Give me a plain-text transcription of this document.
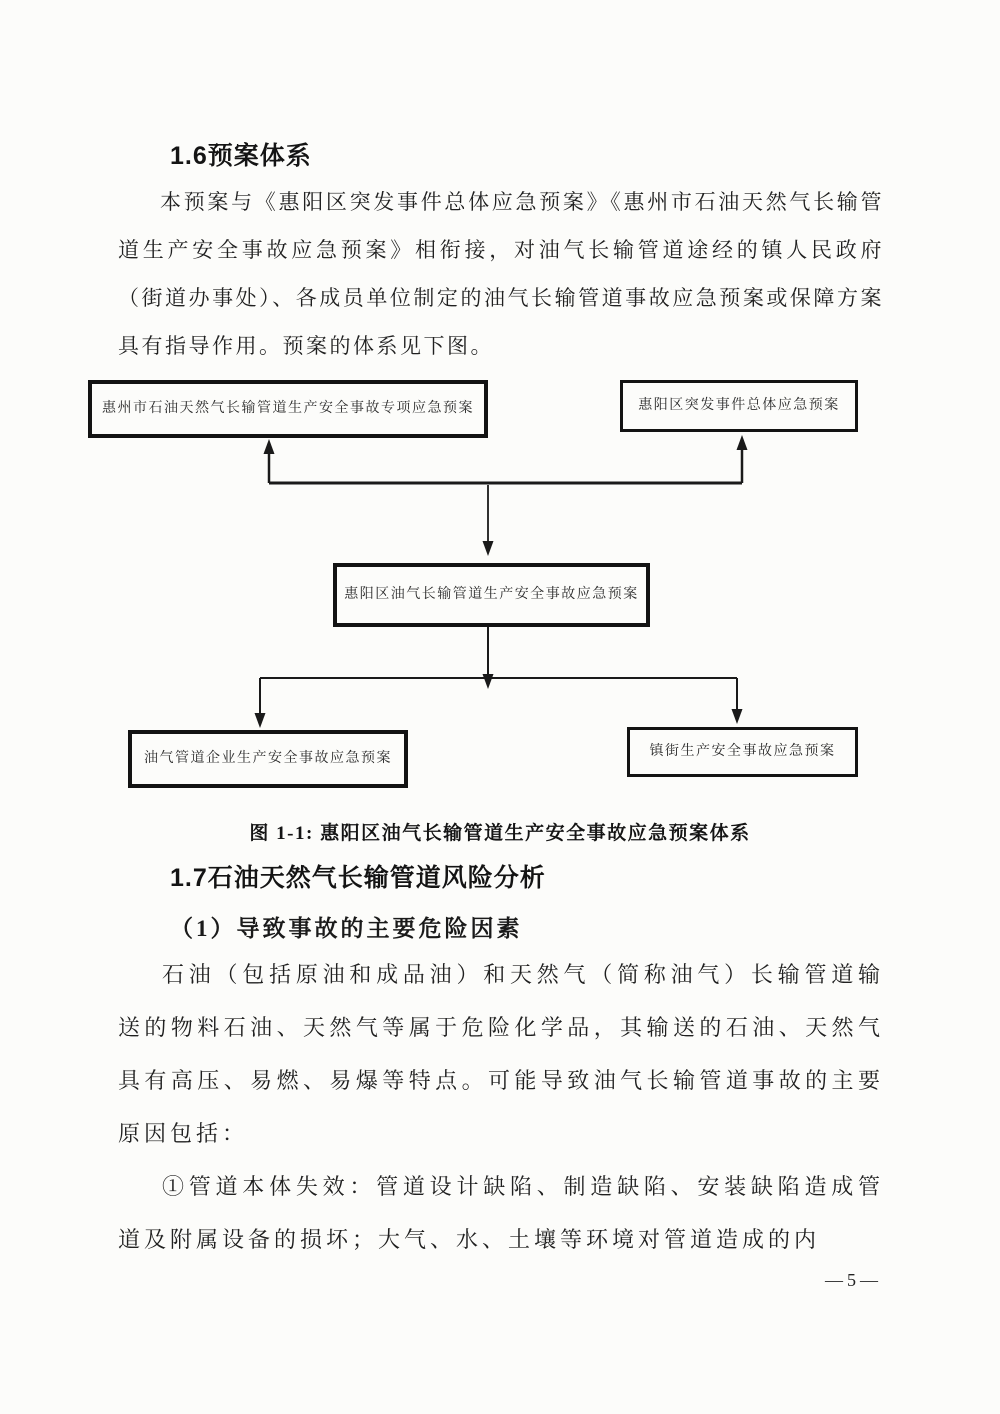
1.6预案体系

本预案与《惠阳区突发事件总体应急预案》《惠州市石油天然气长输管道生产安全事故应急预案》相衔接，对油气长输管道途经的镇人民政府（街道办事处）、各成员单位制定的油气长输管道事故应急预案或保障方案具有指导作用。预案的体系见下图。

惠州市石油天然气长输管道生产安全事故专项应急预案	惠阳区突发事件总体应急预案
惠阳区油气长输管道生产安全事故应急预案
油气管道企业生产安全事故应急预案	镇街生产安全事故应急预案
图 1-1: 惠阳区油气长输管道生产安全事故应急预案体系
1.7石油天然气长输管道风险分析
（1）导致事故的主要危险因素

石油（包括原油和成品油）和天然气（简称油气）长输管道输送的物料石油、天然气等属于危险化学品，其输送的石油、天然气具有高压、易燃、易爆等特点。可能导致油气长输管道事故的主要原因包括：

①管道本体失效：管道设计缺陷、制造缺陷、安装缺陷造成管道及附属设备的损坏；大气、水、土壤等环境对管道造成的内

—5—
